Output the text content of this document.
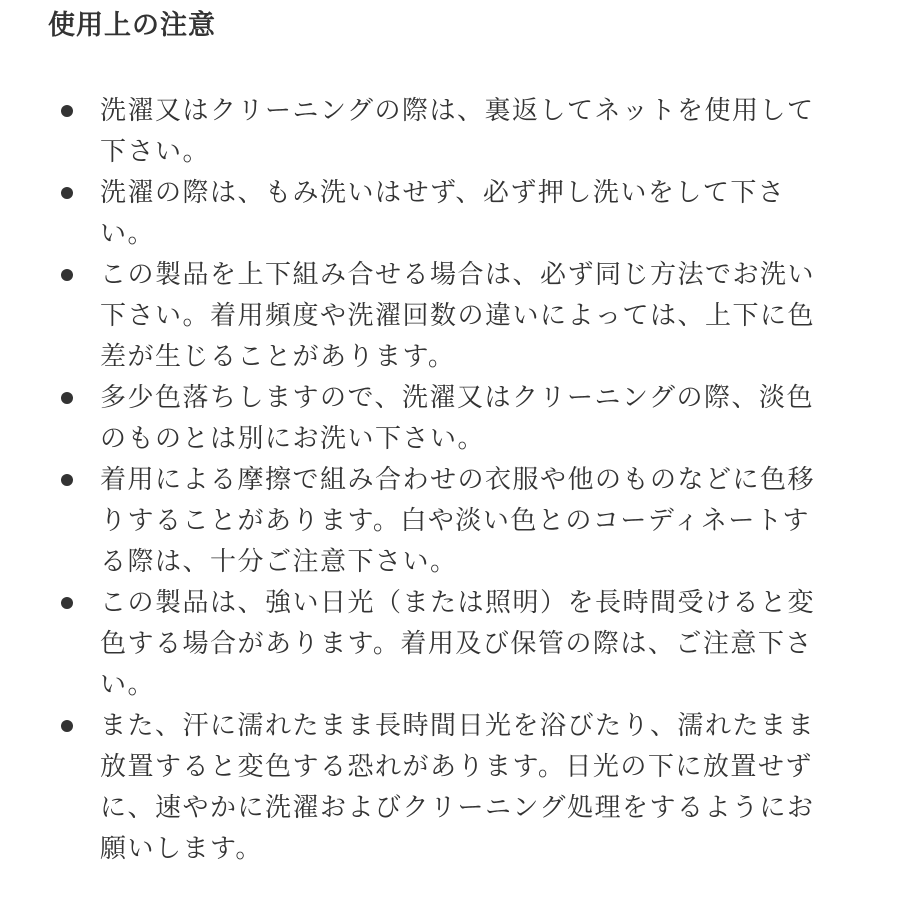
使用上の注意
洗濯又はクリーニングの際は、裏返してネットを使用して
下さい。
洗濯の際は、もみ洗いはせず、必ず押し洗いをして下さ
い。
この製品を上下組み合せる場合は、必ず同じ方法でお洗い
下さい。着用頻度や洗濯回数の違いによっては、上下に色
差が生じることがあります。
多少色落ちしますので、洗濯又はクリーニングの際、淡色
のものとは別にお洗い下さい。
着用による摩擦で組み合わせの衣服や他のものなどに色移
りすることがあります。白や淡い色とのコーディネートす
る際は、十分ご注意下さい。
この製品は、強い日光（または照明）を長時間受けると変
色する場合があります。着用及び保管の際は、ご注意下さ
い。
また、汗に濡れたまま長時間日光を浴びたり、濡れたまま
放置すると変色する恐れがあります。日光の下に放置せず
に、速やかに洗濯およびクリーニング処理をするようにお
願いします。
